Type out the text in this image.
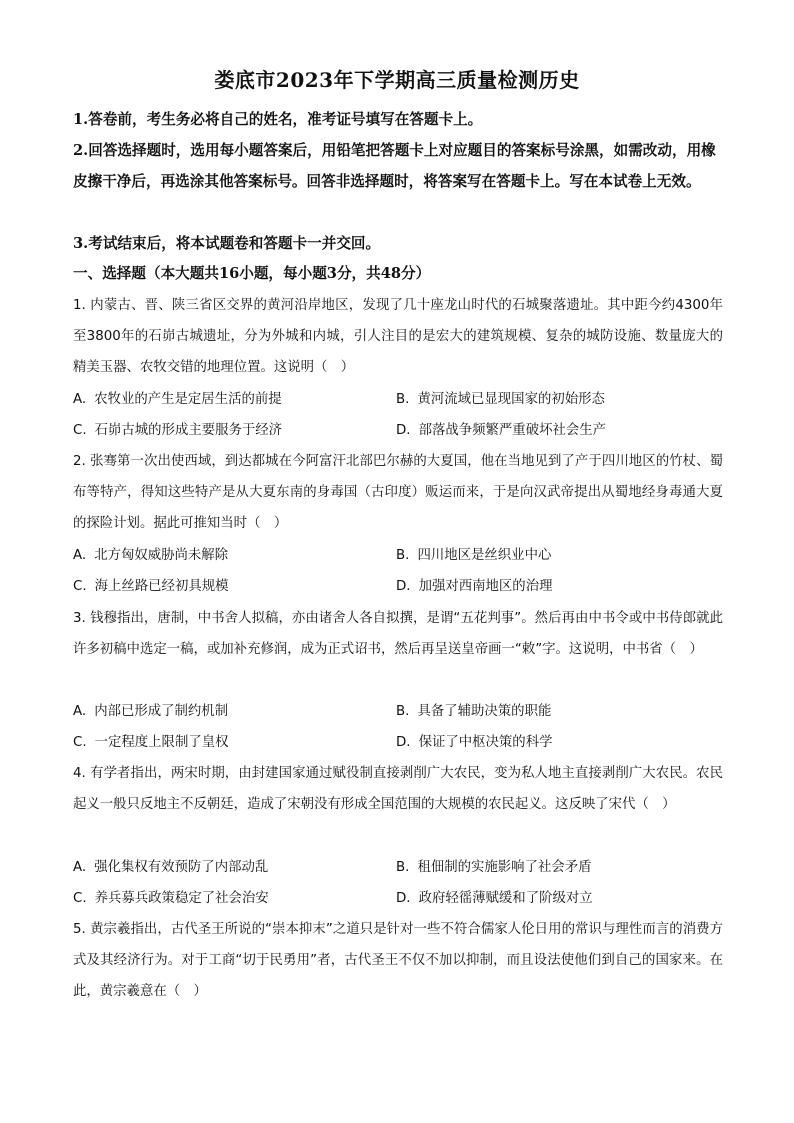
娄底市2023年下学期高三质量检测历史
1.答卷前，考生务必将自己的姓名，准考证号填写在答题卡上。
2.回答选择题时，选用每小题答案后，用铅笔把答题卡上对应题目的答案标号涂黑，如需改动，用橡皮擦干净后，再选涂其他答案标号。回答非选择题时，将答案写在答题卡上。写在本试卷上无效。
3.考试结束后，将本试题卷和答题卡一并交回。
一、选择题（本大题共16小题，每小题3分，共48分）
1. 内蒙古、晋、陕三省区交界的黄河沿岸地区，发现了几十座龙山时代的石城聚落遗址。其中距今约4300年至3800年的石峁古城遗址，分为外城和内城，引人注目的是宏大的建筑规模、复杂的城防设施、数量庞大的精美玉器、农牧交错的地理位置。这说明（　）
A. 农牧业的产生是定居生活的前提	B. 黄河流域已显现国家的初始形态
C. 石峁古城的形成主要服务于经济	D. 部落战争频繁严重破坏社会生产
2. 张骞第一次出使西域，到达都城在今阿富汗北部巴尔赫的大夏国，他在当地见到了产于四川地区的竹杖、蜀布等特产，得知这些特产是从大夏东南的身毒国（古印度）贩运而来，于是向汉武帝提出从蜀地经身毒通大夏的探险计划。据此可推知当时（　）
A. 北方匈奴威胁尚未解除	B. 四川地区是丝织业中心
C. 海上丝路已经初具规模	D. 加强对西南地区的治理
3. 钱穆指出，唐制，中书舍人拟稿，亦由诸舍人各自拟撰，是谓“五花判事”。然后再由中书令或中书侍郎就此许多初稿中选定一稿，或加补充修润，成为正式诏书，然后再呈送皇帝画一“敕”字。这说明，中书省（　）
A. 内部已形成了制约机制	B. 具备了辅助决策的职能
C. 一定程度上限制了皇权	D. 保证了中枢决策的科学
4. 有学者指出，两宋时期，由封建国家通过赋役制直接剥削广大农民，变为私人地主直接剥削广大农民。农民起义一般只反地主不反朝廷，造成了宋朝没有形成全国范围的大规模的农民起义。这反映了宋代（　）
A. 强化集权有效预防了内部动乱	B. 租佃制的实施影响了社会矛盾
C. 养兵募兵政策稳定了社会治安	D. 政府轻徭薄赋缓和了阶级对立
5. 黄宗羲指出，古代圣王所说的“崇本抑末”之道只是针对一些不符合儒家人伦日用的常识与理性而言的消费方式及其经济行为。对于工商“切于民勇用”者，古代圣王不仅不加以抑制，而且设法使他们到自己的国家来。在此，黄宗羲意在（　）
